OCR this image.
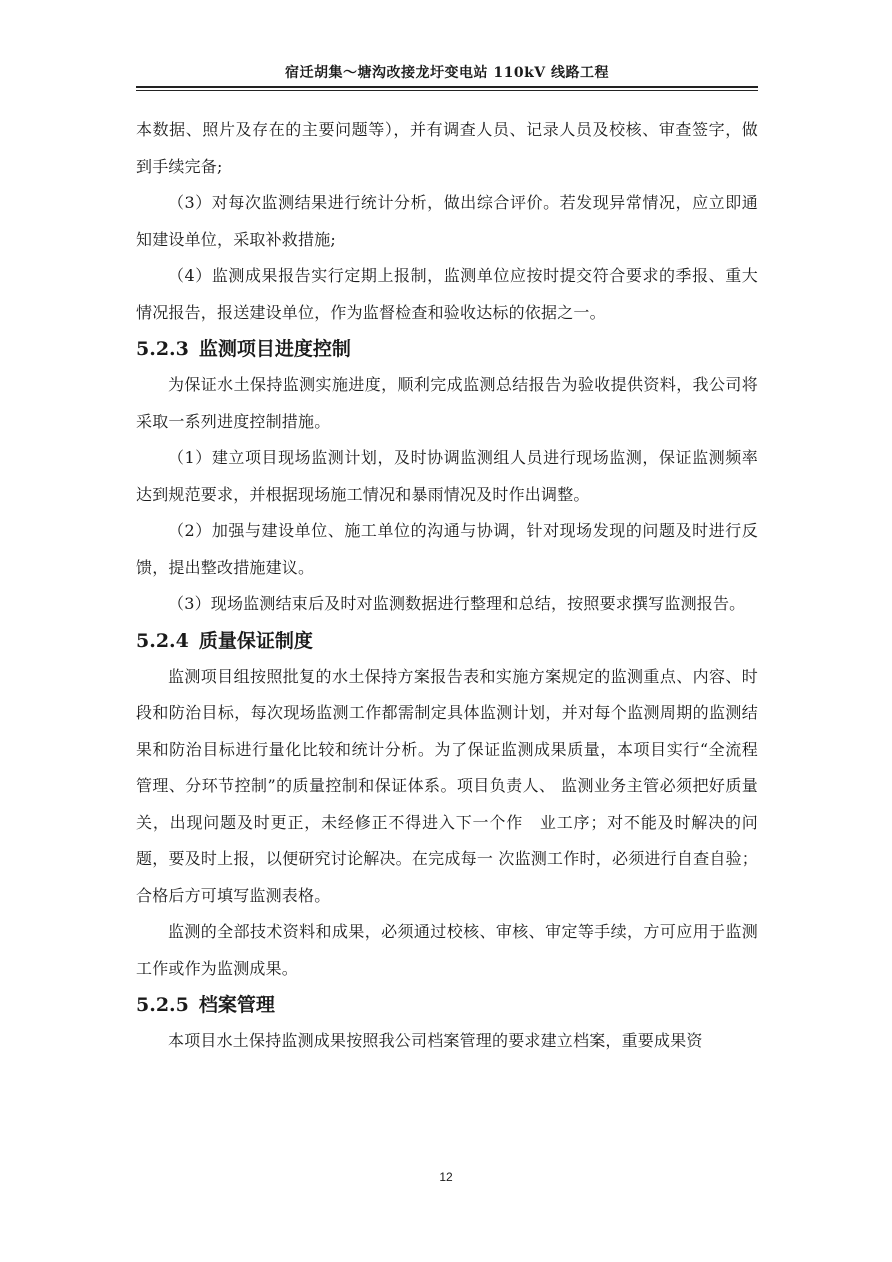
宿迁胡集～塘沟改接龙圩变电站 110kV 线路工程

本数据、照片及存在的主要问题等），并有调查人员、记录人员及校核、审查签字，做到手续完备;

（3）对每次监测结果进行统计分析，做出综合评价。若发现异常情况，应立即通知建设单位，采取补救措施;

（4）监测成果报告实行定期上报制，监测单位应按时提交符合要求的季报、重大情况报告，报送建设单位，作为监督检查和验收达标的依据之一。

5.2.3 监测项目进度控制

为保证水土保持监测实施进度，顺利完成监测总结报告为验收提供资料，我公司将采取一系列进度控制措施。

（1）建立项目现场监测计划，及时协调监测组人员进行现场监测，保证监测频率达到规范要求，并根据现场施工情况和暴雨情况及时作出调整。

（2）加强与建设单位、施工单位的沟通与协调，针对现场发现的问题及时进行反馈，提出整改措施建议。

（3）现场监测结束后及时对监测数据进行整理和总结，按照要求撰写监测报告。

5.2.4 质量保证制度

监测项目组按照批复的水土保持方案报告表和实施方案规定的监测重点、内容、时段和防治目标，每次现场监测工作都需制定具体监测计划，并对每个监测周期的监测结果和防治目标进行量化比较和统计分析。为了保证监测成果质量，本项目实行“全流程管理、分环节控制”的质量控制和保证体系。项目负责人、 监测业务主管必须把好质量关，出现问题及时更正，未经修正不得进入下一个作　业工序；对不能及时解决的问题，要及时上报，以便研究讨论解决。在完成每一 次监测工作时，必须进行自查自验；合格后方可填写监测表格。

监测的全部技术资料和成果，必须通过校核、审核、审定等手续，方可应用于监测工作或作为监测成果。

5.2.5 档案管理

本项目水土保持监测成果按照我公司档案管理的要求建立档案，重要成果资

12
